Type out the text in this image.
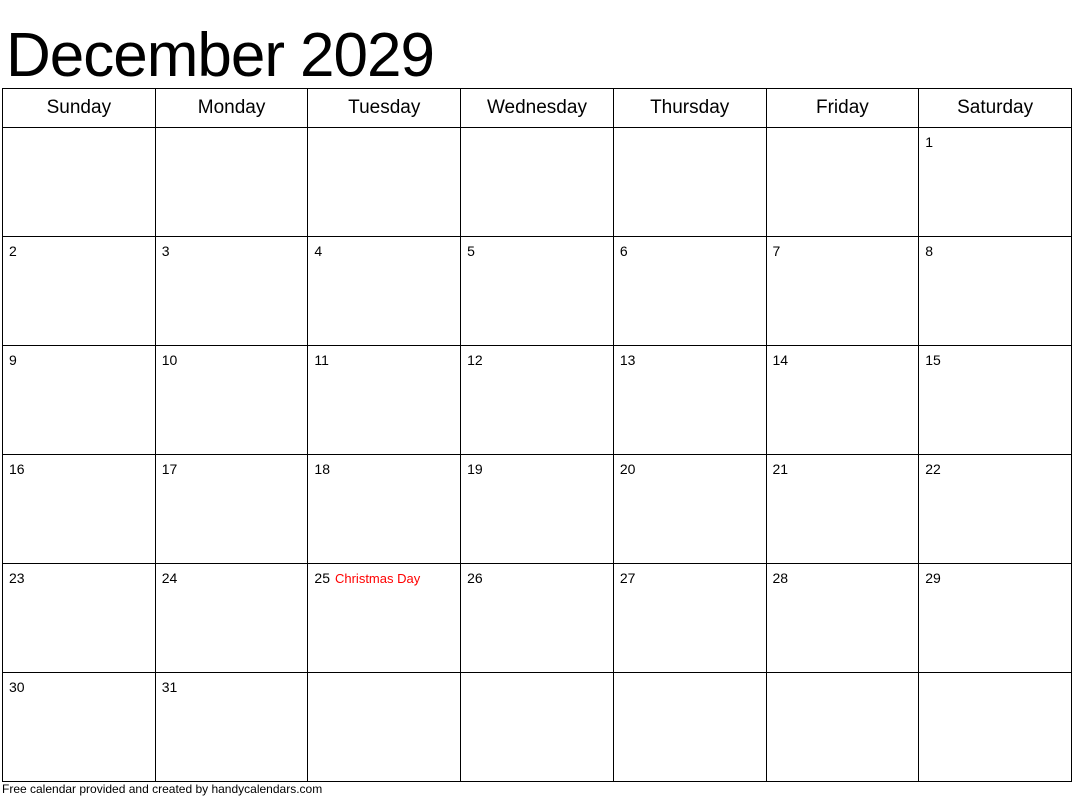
December 2029
Sunday	Monday	Tuesday	Wednesday	Thursday	Friday	Saturday

						1

2	3	4	5	6	7	8

9	10	11	12	13	14	15

16	17	18	19	20	21	22

23	24	25 Christmas Day	26	27	28	29

30	31					

Free calendar provided and created by handycalendars.com
